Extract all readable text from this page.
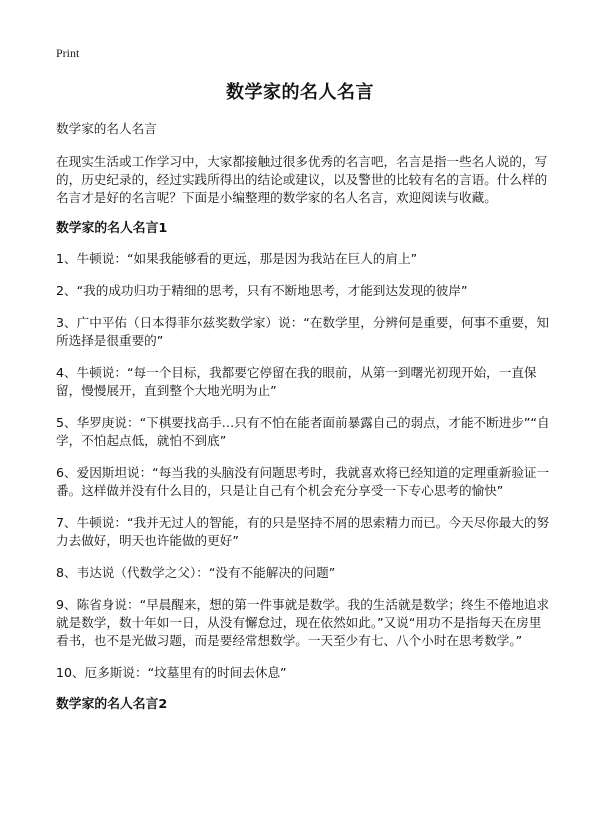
Print
数学家的名人名言

数学家的名人名言

在现实生活或工作学习中，大家都接触过很多优秀的名言吧，名言是指一些名人说的，写的，历史纪录的，经过实践所得出的结论或建议，以及警世的比较有名的言语。什么样的名言才是好的名言呢？下面是小编整理的数学家的名人名言，欢迎阅读与收藏。

数学家的名人名言1

1、牛顿说：“如果我能够看的更远，那是因为我站在巨人的肩上”

2、“我的成功归功于精细的思考，只有不断地思考，才能到达发现的彼岸”

3、广中平佑（日本得菲尔兹奖数学家）说：“在数学里，分辨何是重要，何事不重要，知所选择是很重要的”

4、牛顿说：“每一个目标，我都要它停留在我的眼前，从第一到曙光初现开始，一直保留，慢慢展开，直到整个大地光明为止”

5、华罗庚说：“下棋要找高手…只有不怕在能者面前暴露自己的弱点，才能不断进步”“自学，不怕起点低，就怕不到底”

6、爱因斯坦说：“每当我的头脑没有问题思考时，我就喜欢将已经知道的定理重新验证一番。这样做并没有什么目的，只是让自己有个机会充分享受一下专心思考的愉快”

7、牛顿说：“我并无过人的智能，有的只是坚持不屑的思索精力而已。今天尽你最大的努力去做好，明天也许能做的更好”

8、韦达说（代数学之父）：“没有不能解决的问题”

9、陈省身说：“早晨醒来，想的第一件事就是数学。我的生活就是数学；终生不倦地追求就是数学，数十年如一日，从没有懈怠过，现在依然如此。”又说“用功不是指每天在房里看书，也不是光做习题，而是要经常想数学。一天至少有七、八个小时在思考数学。”

10、厄多斯说：“坟墓里有的时间去休息”

数学家的名人名言2
